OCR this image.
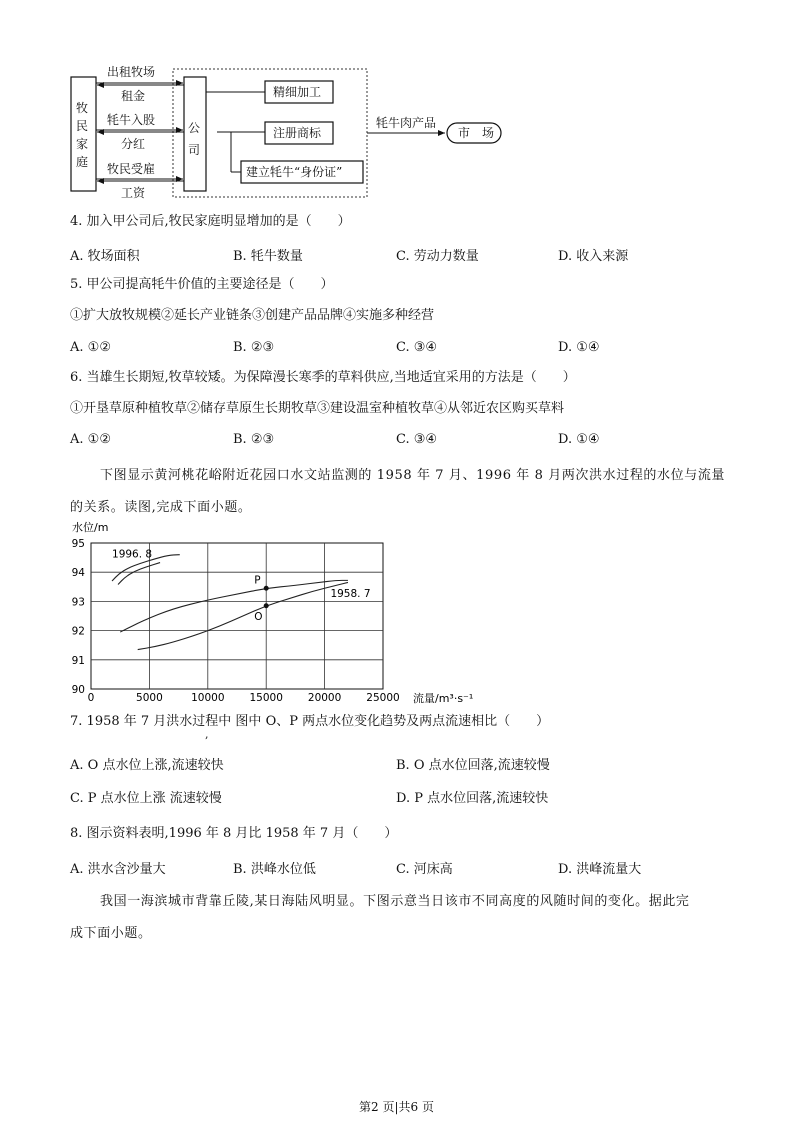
牧
民
家
庭
公
司
出租牧场
租金
牦牛入股
分红
牧民受雇
工资
精细加工
注册商标
建立牦牛“身份证”
牦牛肉产品
市　场
4. 加入甲公司后,牧民家庭明显增加的是（　　）
A. 牧场面积	B. 牦牛数量	C. 劳动力数量	D. 收入来源
5. 甲公司提高牦牛价值的主要途径是（　　）
①扩大放牧规模②延长产业链条③创建产品品牌④实施多种经营
A. ①②	B. ②③	C. ③④	D. ①④
6. 当雄生长期短,牧草较矮。为保障漫长寒季的草料供应,当地适宜采用的方法是（　　）
①开垦草原种植牧草②储存草原生长期牧草③建设温室种植牧草④从邻近农区购买草料
A. ①②	B. ②③	C. ③④	D. ①④
下图显示黄河桃花峪附近花园口水文站监测的 1958 年 7 月、1996 年 8 月两次洪水过程的水位与流量
的关系。读图,完成下面小题。
1996. 8
1958. 7
P
O
0	5000	10000 15000 20000 25000
90
91
92
93
94
95
水位/m
流量/m³·s⁻¹
7. 1958 年 7 月洪水过程中 图中 O、P 两点水位变化趋势及两点流速相比（　　）
,
A. O 点水位上涨,流速较快	B. O 点水位回落,流速较慢
C. P 点水位上涨 流速较慢	D. P 点水位回落,流速较快
8. 图示资料表明,1996 年 8 月比 1958 年 7 月（　　）
A. 洪水含沙量大	B. 洪峰水位低	C. 河床高	D. 洪峰流量大
我国一海滨城市背靠丘陵,某日海陆风明显。下图示意当日该市不同高度的风随时间的变化。据此完
成下面小题。
第2 页|共6 页
